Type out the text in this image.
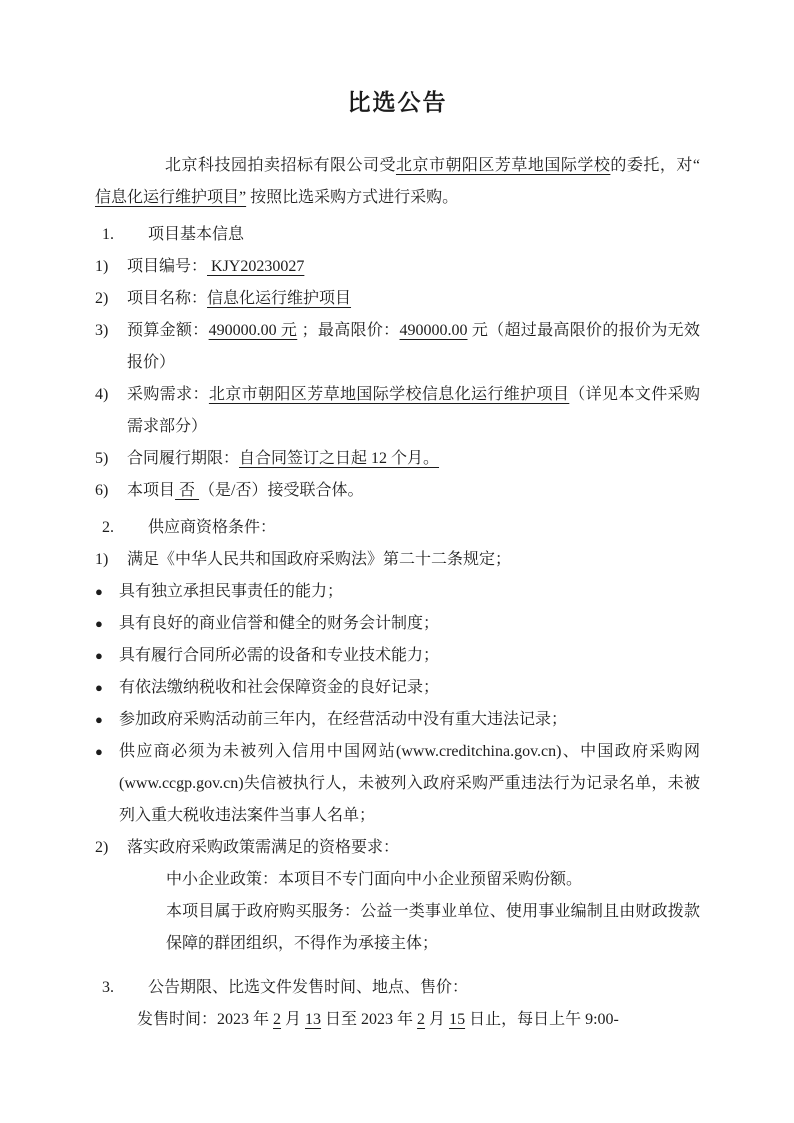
比选公告

北京科技园拍卖招标有限公司受北京市朝阳区芳草地国际学校的委托，对“ 信息化运行维护项目” 按照比选采购方式进行采购。

1. 项目基本信息
1)	项目编号： KJY20230027
2)	项目名称：信息化运行维护项目
3)	预算金额：490000.00 元 ；最高限价：490000.00 元（超过最高限价的报价为无效报价）
4)	采购需求：北京市朝阳区芳草地国际学校信息化运行维护项目（详见本文件采购需求部分）
5)	合同履行期限：自合同签订之日起 12 个月。
6)	本项目 否 （是/否）接受联合体。
2. 供应商资格条件：
1)	满足《中华人民共和国政府采购法》第二十二条规定；
●	具有独立承担民事责任的能力；
●	具有良好的商业信誉和健全的财务会计制度；
●	具有履行合同所必需的设备和专业技术能力；
●	有依法缴纳税收和社会保障资金的良好记录；
●	参加政府采购活动前三年内，在经营活动中没有重大违法记录；
●	供应商必须为未被列入信用中国网站(www.creditchina.gov.cn)、中国政府采购网(www.ccgp.gov.cn)失信被执行人，未被列入政府采购严重违法行为记录名单，未被列入重大税收违法案件当事人名单；
2)	落实政府采购政策需满足的资格要求：

中小企业政策：本项目不专门面向中小企业预留采购份额。

本项目属于政府购买服务：公益一类事业单位、使用事业编制且由财政拨款保障的群团组织，不得作为承接主体；

3. 公告期限、比选文件发售时间、地点、售价：

发售时间：2023 年 2 月 13 日至 2023 年 2 月 15 日止，每日上午 9:00-
